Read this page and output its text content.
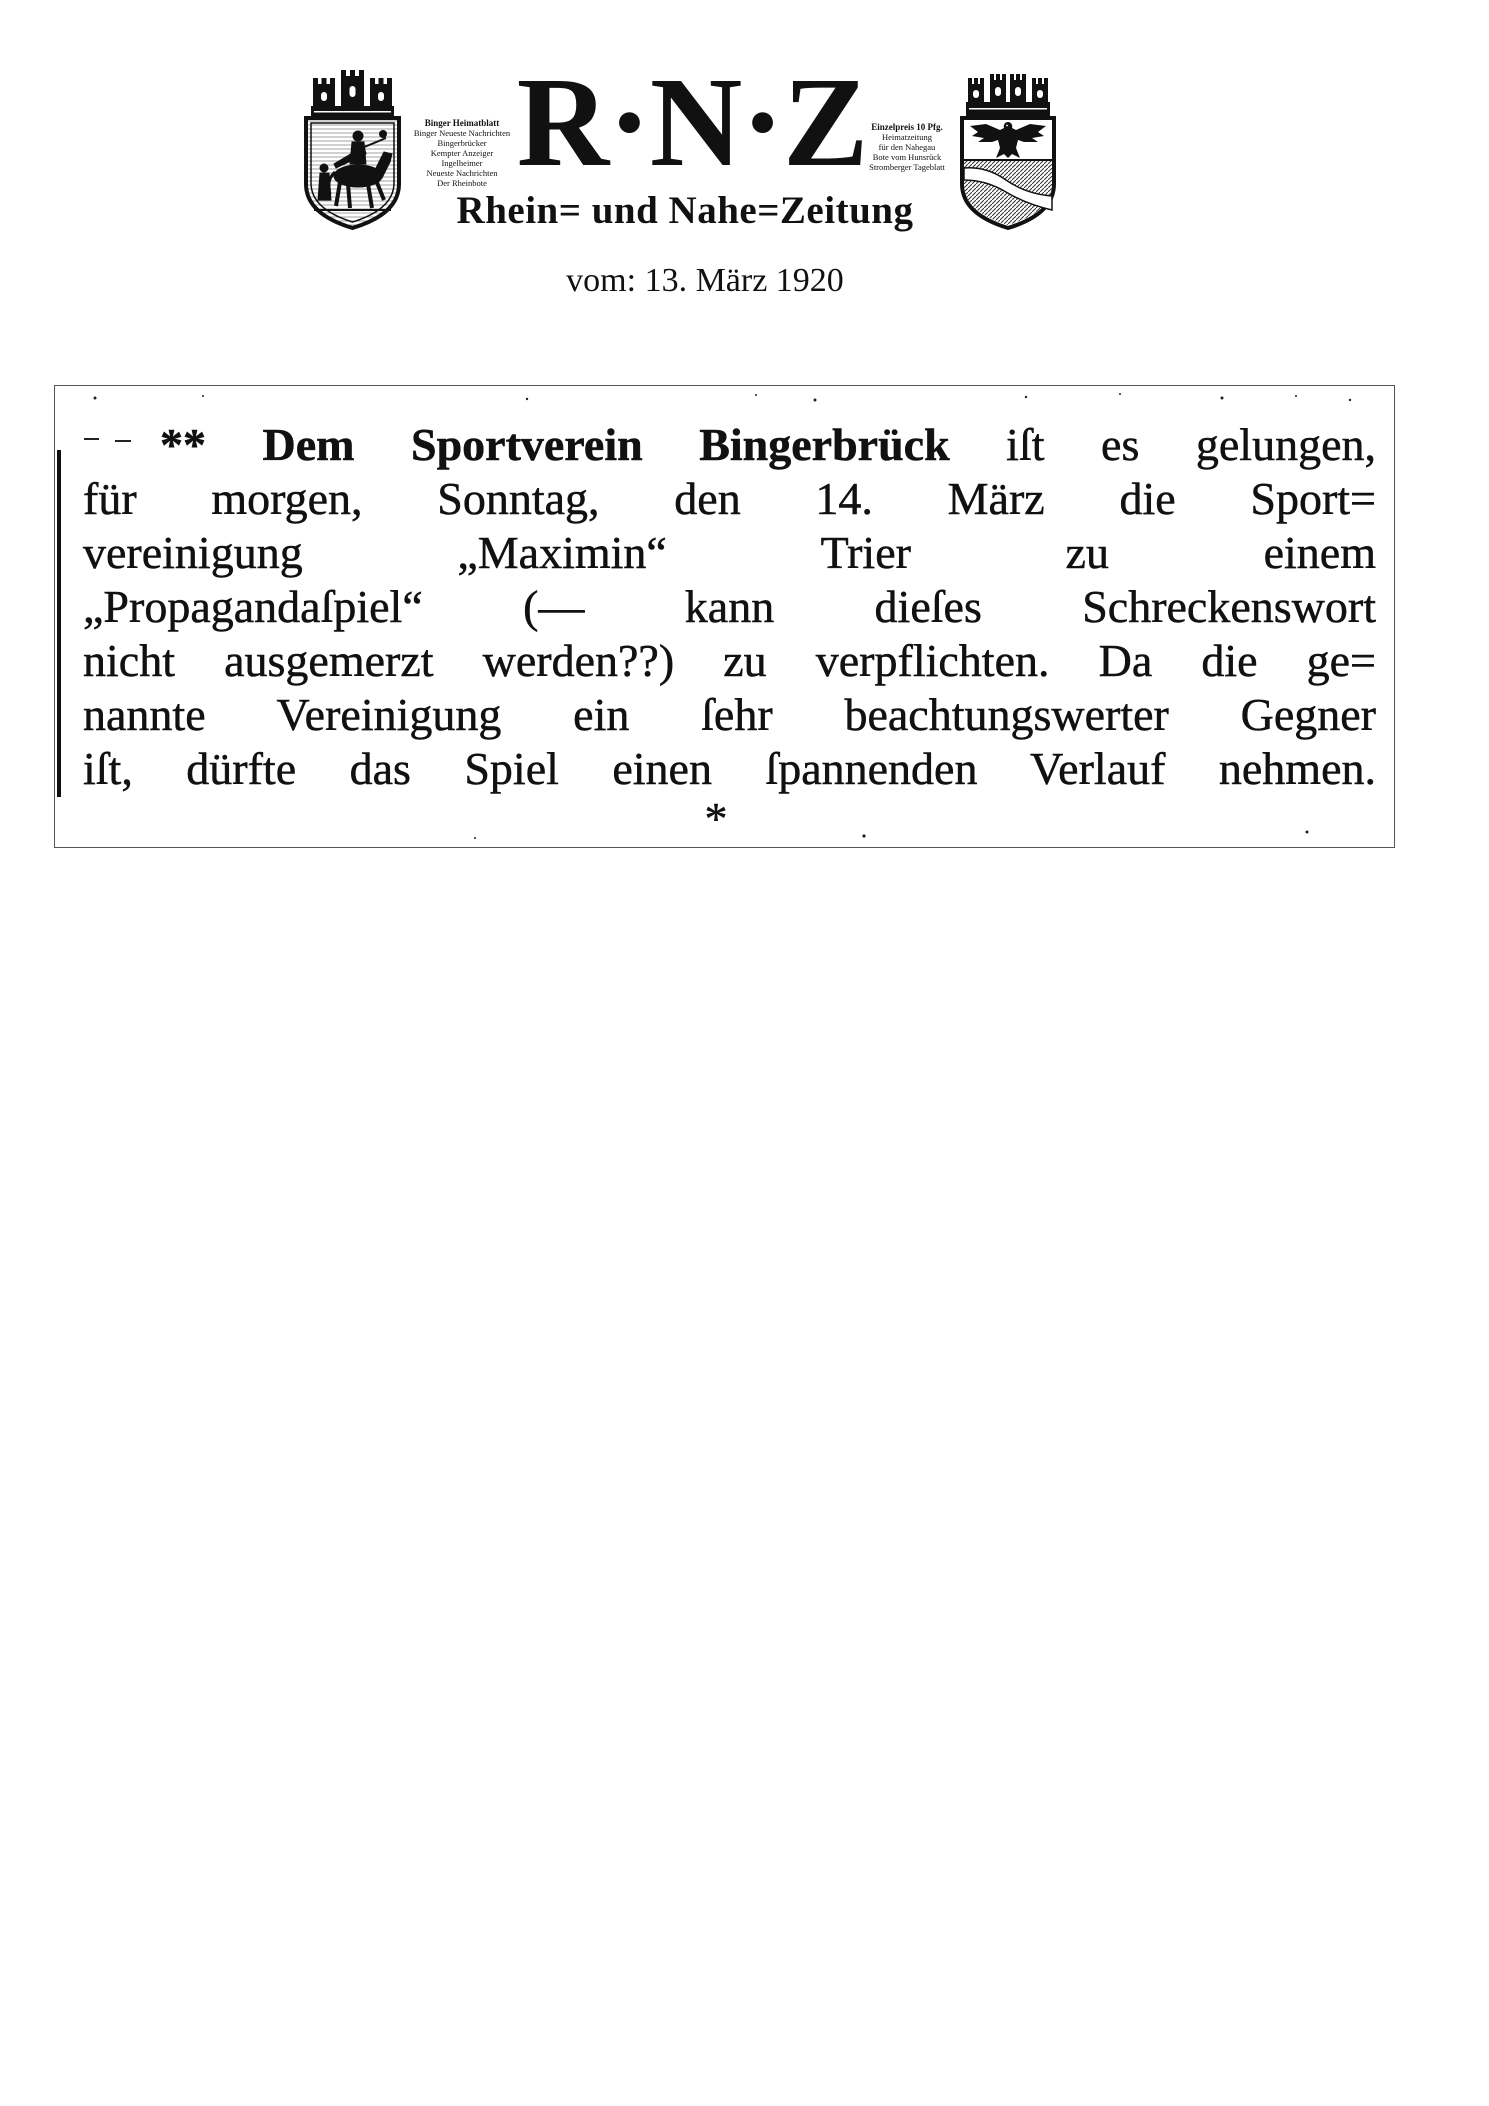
Binger Heimatblatt
Binger Neueste Nachrichten
Bingerbrücker
Kempter Anzeiger
Ingelheimer
Neueste Nachrichten
Der Rheinbote R·N·Z
Rhein= und Nahe=Zeitung
Einzelpreis 10 Pfg.
Heimatzeitung
für den Nahegau
Bote vom Hunsrück
Stromberger Tageblatt
vom: 13. März 1920
** Dem Sportverein Bingerbrück iſt es gelungen,
für morgen, Sonntag, den 14. März die Sport=
vereinigung „Maximin“ Trier zu einem
„Propagandaſpiel“ (— kann dieſes Schreckenswort
nicht ausgemerzt werden??) zu verpflichten. Da die ge=
nannte Vereinigung ein ſehr beachtungswerter Gegner
iſt, dürfte das Spiel einen ſpannenden Verlauf nehmen.
*
